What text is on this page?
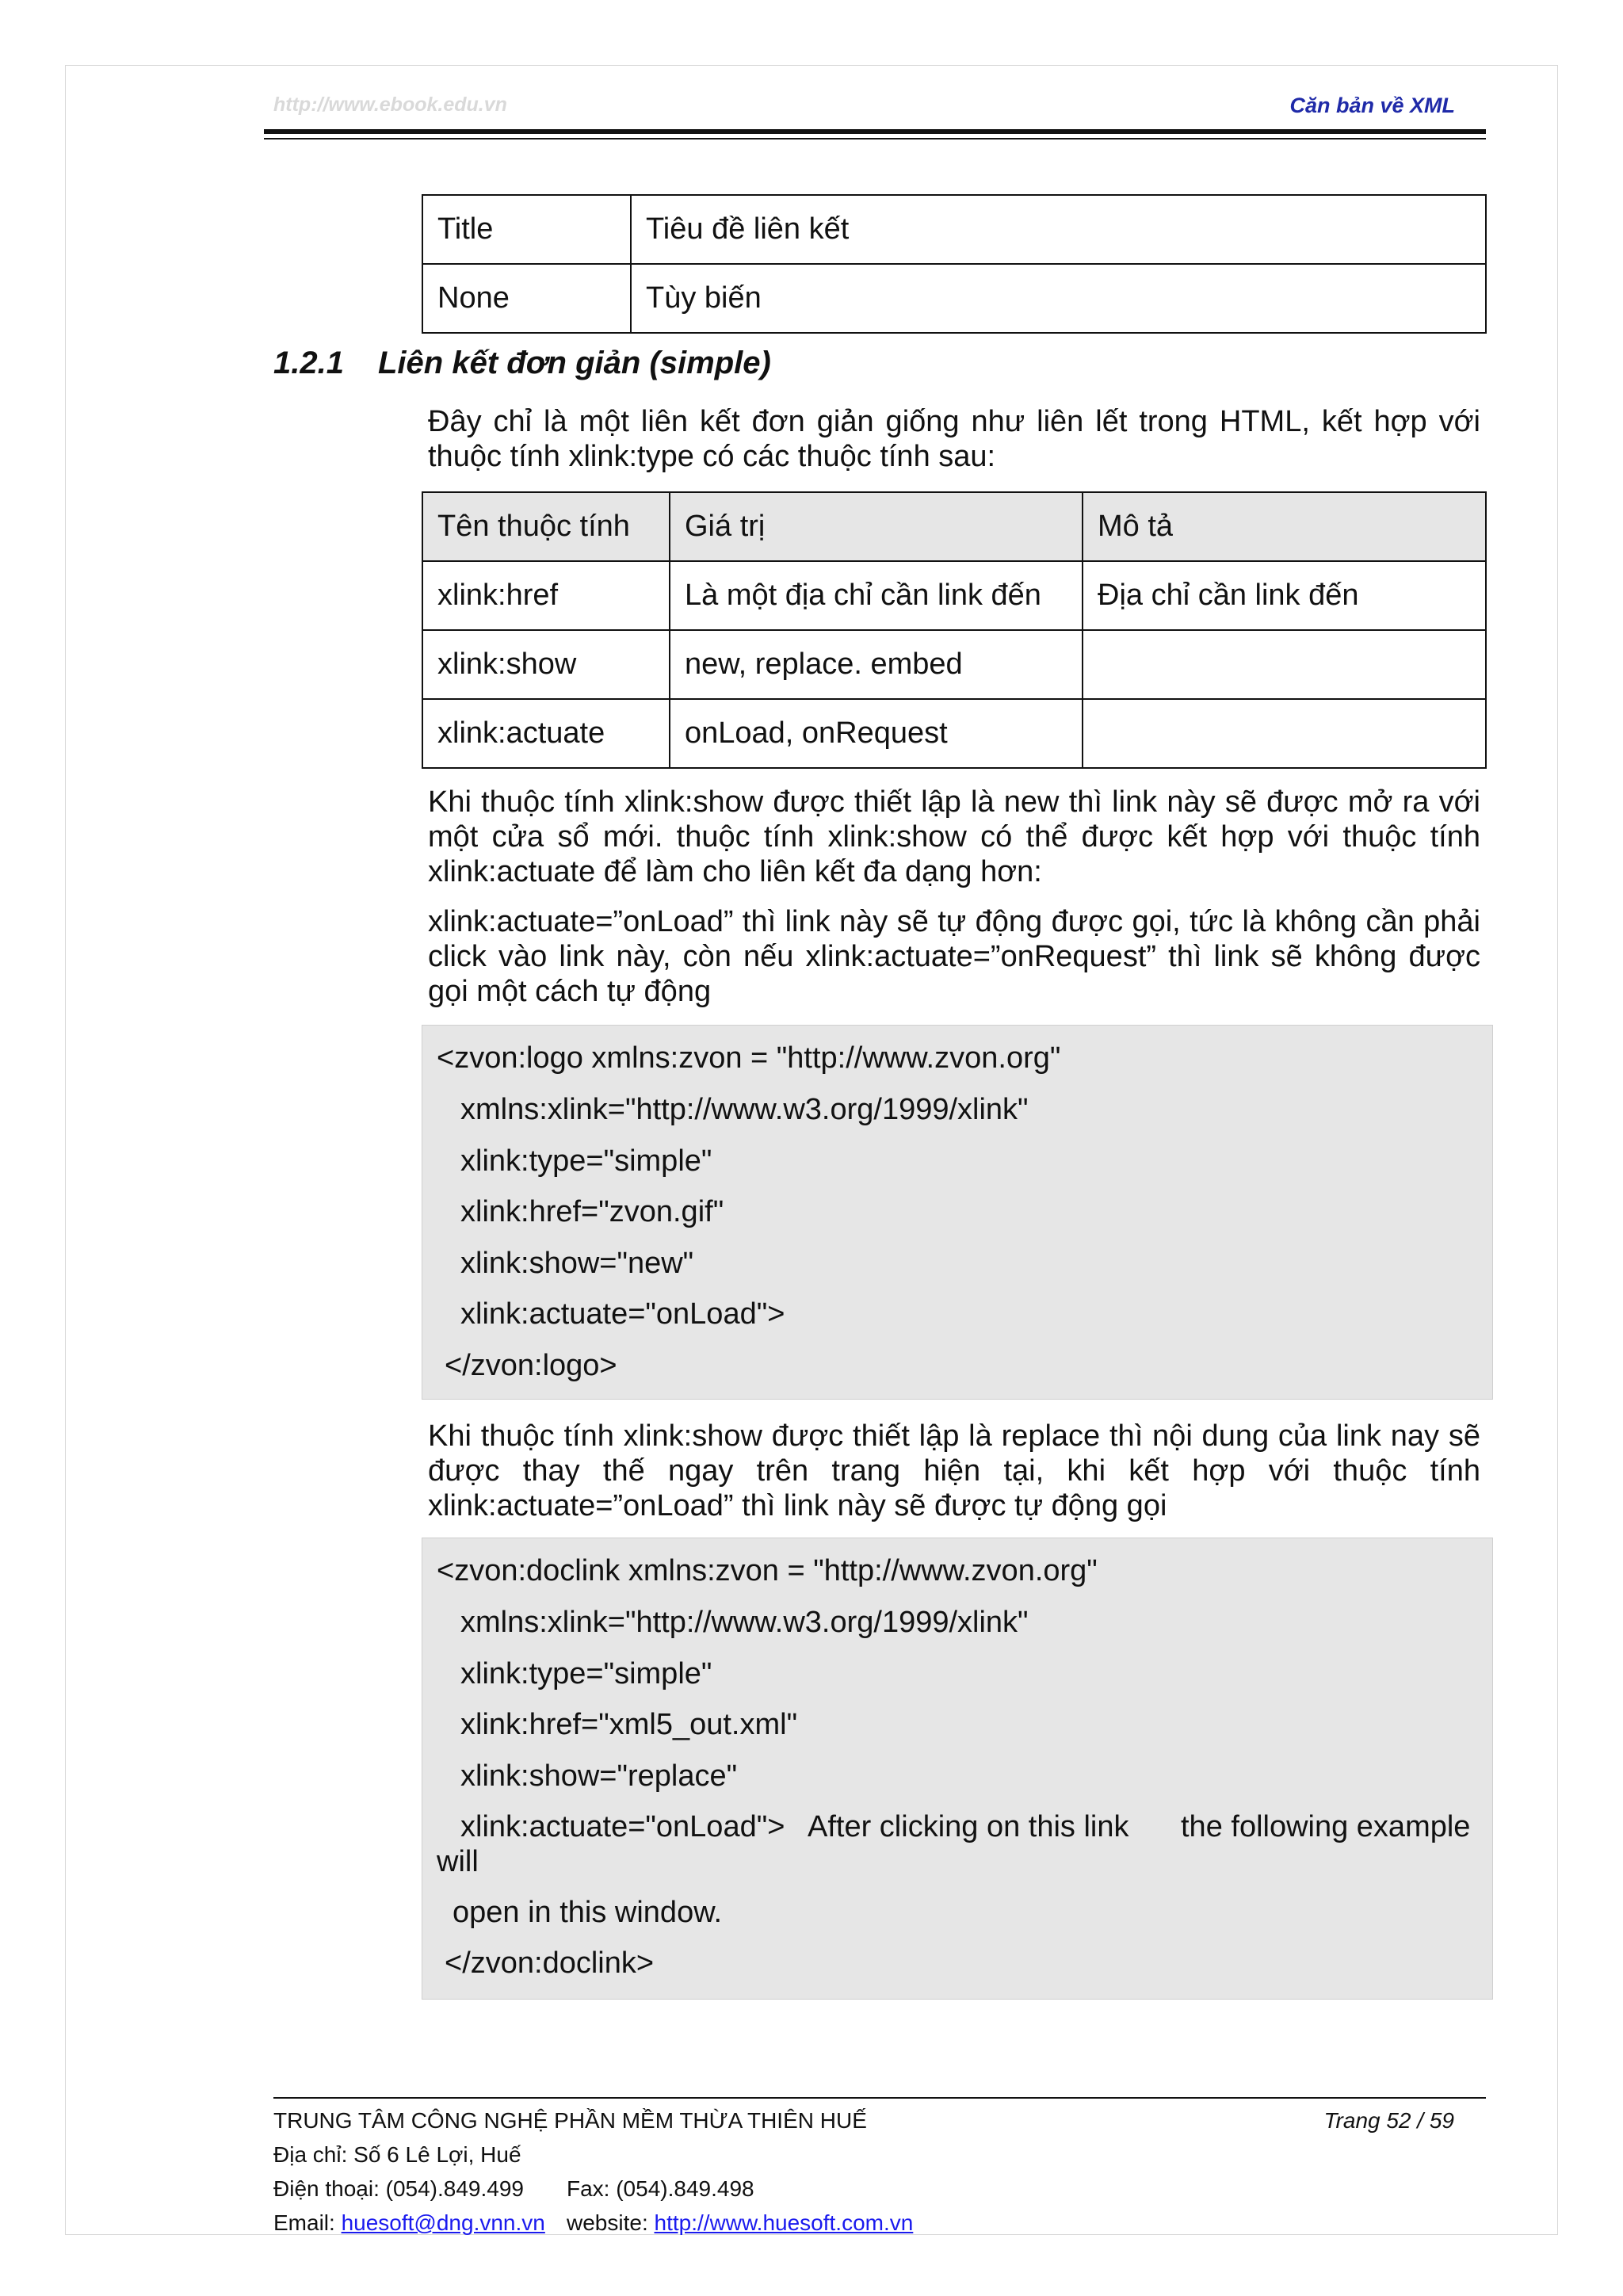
http://www.ebook.edu.vn	Căn bản về XML
Title	Tiêu đề liên kết
None	Tùy biến
1.2.1 Liên kết đơn giản (simple)
Đây chỉ là một liên kết đơn giản giống như liên lết trong HTML, kết hợp với thuộc tính xlink:type có các thuộc tính sau:
Tên thuộc tính	Giá trị	Mô tả
xlink:href	Là một địa chỉ cần link đến	Địa chỉ cần link đến
xlink:show	new, replace. embed	
xlink:actuate	onLoad, onRequest	
Khi thuộc tính xlink:show được thiết lập là new thì link này sẽ được mở ra với một cửa sổ mới. thuộc tính xlink:show có thể được kết hợp với thuộc tính xlink:actuate để làm cho liên kết đa dạng hơn:
xlink:actuate=”onLoad” thì link này sẽ tự động được gọi, tức là không cần phải click vào link này, còn nếu xlink:actuate=”onRequest” thì link sẽ không được gọi một cách tự động
<zvon:logo xmlns:zvon = "http://www.zvon.org"
xmlns:xlink="http://www.w3.org/1999/xlink"
xlink:type="simple"
xlink:href="zvon.gif"
xlink:show="new"
xlink:actuate="onLoad">
</zvon:logo>
Khi thuộc tính xlink:show được thiết lập là replace thì nội dung của link nay sẽ được thay thế ngay trên trang hiện tại, khi kết hợp với thuộc tính xlink:actuate=”onLoad” thì link này sẽ được tự động gọi
<zvon:doclink xmlns:zvon = "http://www.zvon.org"
xmlns:xlink="http://www.w3.org/1999/xlink"
xlink:type="simple"
xlink:href="xml5_out.xml"
xlink:show="replace"
xlink:actuate="onLoad"> After clicking on this link the following example
will
open in this window.
</zvon:doclink>
TRUNG TÂM CÔNG NGHỆ PHẦN MỀM THỪA THIÊN HUẾ	Trang 52 / 59
Địa chỉ: Số 6 Lê Lợi, Huế
Điện thoại: (054).849.499 Fax: (054).849.498
Email: huesoft@dng.vnn.vn website: http://www.huesoft.com.vn
